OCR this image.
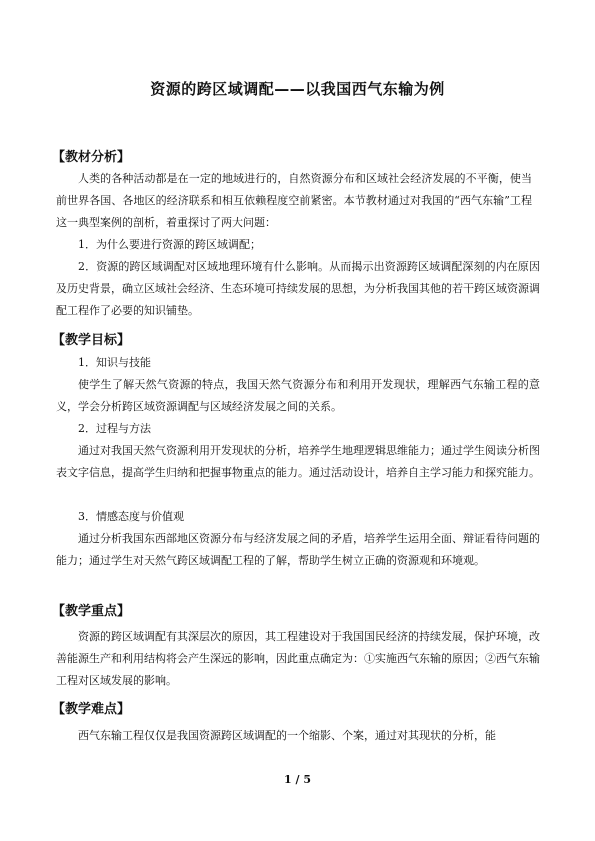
资源的跨区域调配——以我国西气东输为例
【教材分析】
人类的各种活动都是在一定的地域进行的，自然资源分布和区域社会经济发展的不平衡，使当前世界各国、各地区的经济联系和相互依赖程度空前紧密。本节教材通过对我国的“西气东输”工程这一典型案例的剖析，着重探讨了两大问题：
1．为什么要进行资源的跨区域调配；
2．资源的跨区域调配对区域地理环境有什么影响。从而揭示出资源跨区域调配深刻的内在原因及历史背景，确立区域社会经济、生态环境可持续发展的思想，为分析我国其他的若干跨区域资源调配工程作了必要的知识铺垫。
【教学目标】
1．知识与技能
使学生了解天然气资源的特点，我国天然气资源分布和利用开发现状，理解西气东输工程的意义，学会分析跨区域资源调配与区域经济发展之间的关系。
2．过程与方法
通过对我国天然气资源利用开发现状的分析，培养学生地理逻辑思维能力；通过学生阅读分析图表文字信息，提高学生归纳和把握事物重点的能力。通过活动设计，培养自主学习能力和探究能力。
3．情感态度与价值观
通过分析我国东西部地区资源分布与经济发展之间的矛盾，培养学生运用全面、辩证看待问题的能力；通过学生对天然气跨区域调配工程的了解，帮助学生树立正确的资源观和环境观。
【教学重点】
资源的跨区域调配有其深层次的原因，其工程建设对于我国国民经济的持续发展，保护环境，改善能源生产和利用结构将会产生深远的影响，因此重点确定为：①实施西气东输的原因；②西气东输工程对区域发展的影响。
【教学难点】
西气东输工程仅仅是我国资源跨区域调配的一个缩影、个案，通过对其现状的分析，能
1 / 5
